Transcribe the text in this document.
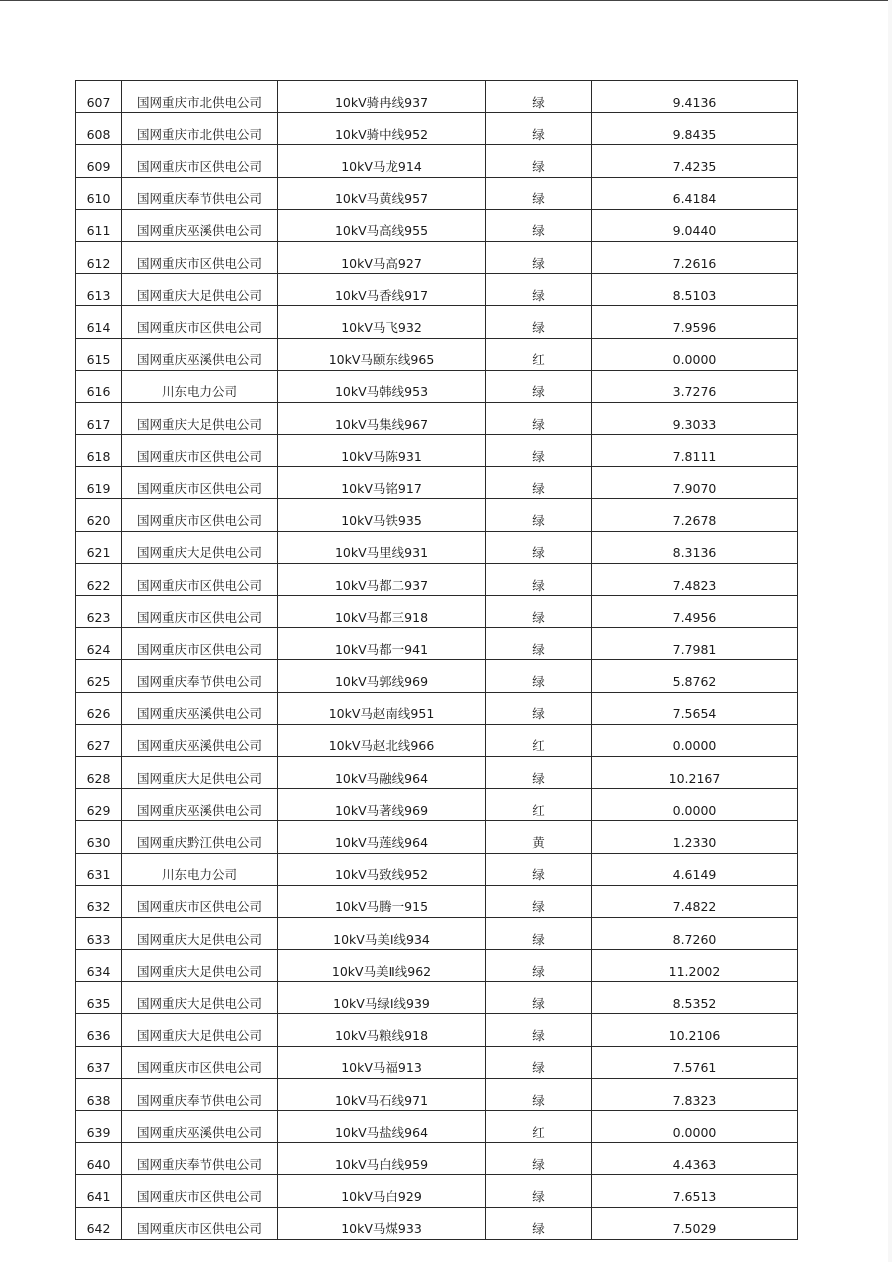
607	国网重庆市北供电公司	10kV骑冉线937	绿	9.4136
608	国网重庆市北供电公司	10kV骑中线952	绿	9.8435
609	国网重庆市区供电公司	10kV马龙914	绿	7.4235
610	国网重庆奉节供电公司	10kV马黄线957	绿	6.4184
611	国网重庆巫溪供电公司	10kV马高线955	绿	9.0440
612	国网重庆市区供电公司	10kV马高927	绿	7.2616
613	国网重庆大足供电公司	10kV马香线917	绿	8.5103
614	国网重庆市区供电公司	10kV马飞932	绿	7.9596
615	国网重庆巫溪供电公司	10kV马颐东线965	红	0.0000
616	川东电力公司	10kV马韩线953	绿	3.7276
617	国网重庆大足供电公司	10kV马集线967	绿	9.3033
618	国网重庆市区供电公司	10kV马陈931	绿	7.8111
619	国网重庆市区供电公司	10kV马铭917	绿	7.9070
620	国网重庆市区供电公司	10kV马铁935	绿	7.2678
621	国网重庆大足供电公司	10kV马里线931	绿	8.3136
622	国网重庆市区供电公司	10kV马都二937	绿	7.4823
623	国网重庆市区供电公司	10kV马都三918	绿	7.4956
624	国网重庆市区供电公司	10kV马都一941	绿	7.7981
625	国网重庆奉节供电公司	10kV马郭线969	绿	5.8762
626	国网重庆巫溪供电公司	10kV马赵南线951	绿	7.5654
627	国网重庆巫溪供电公司	10kV马赵北线966	红	0.0000
628	国网重庆大足供电公司	10kV马融线964	绿	10.2167
629	国网重庆巫溪供电公司	10kV马著线969	红	0.0000
630	国网重庆黔江供电公司	10kV马莲线964	黄	1.2330
631	川东电力公司	10kV马致线952	绿	4.6149
632	国网重庆市区供电公司	10kV马腾一915	绿	7.4822
633	国网重庆大足供电公司	10kV马美Ⅰ线934	绿	8.7260
634	国网重庆大足供电公司	10kV马美Ⅱ线962	绿	11.2002
635	国网重庆大足供电公司	10kV马绿Ⅰ线939	绿	8.5352
636	国网重庆大足供电公司	10kV马粮线918	绿	10.2106
637	国网重庆市区供电公司	10kV马福913	绿	7.5761
638	国网重庆奉节供电公司	10kV马石线971	绿	7.8323
639	国网重庆巫溪供电公司	10kV马盐线964	红	0.0000
640	国网重庆奉节供电公司	10kV马白线959	绿	4.4363
641	国网重庆市区供电公司	10kV马白929	绿	7.6513
642	国网重庆市区供电公司	10kV马煤933	绿	7.5029
